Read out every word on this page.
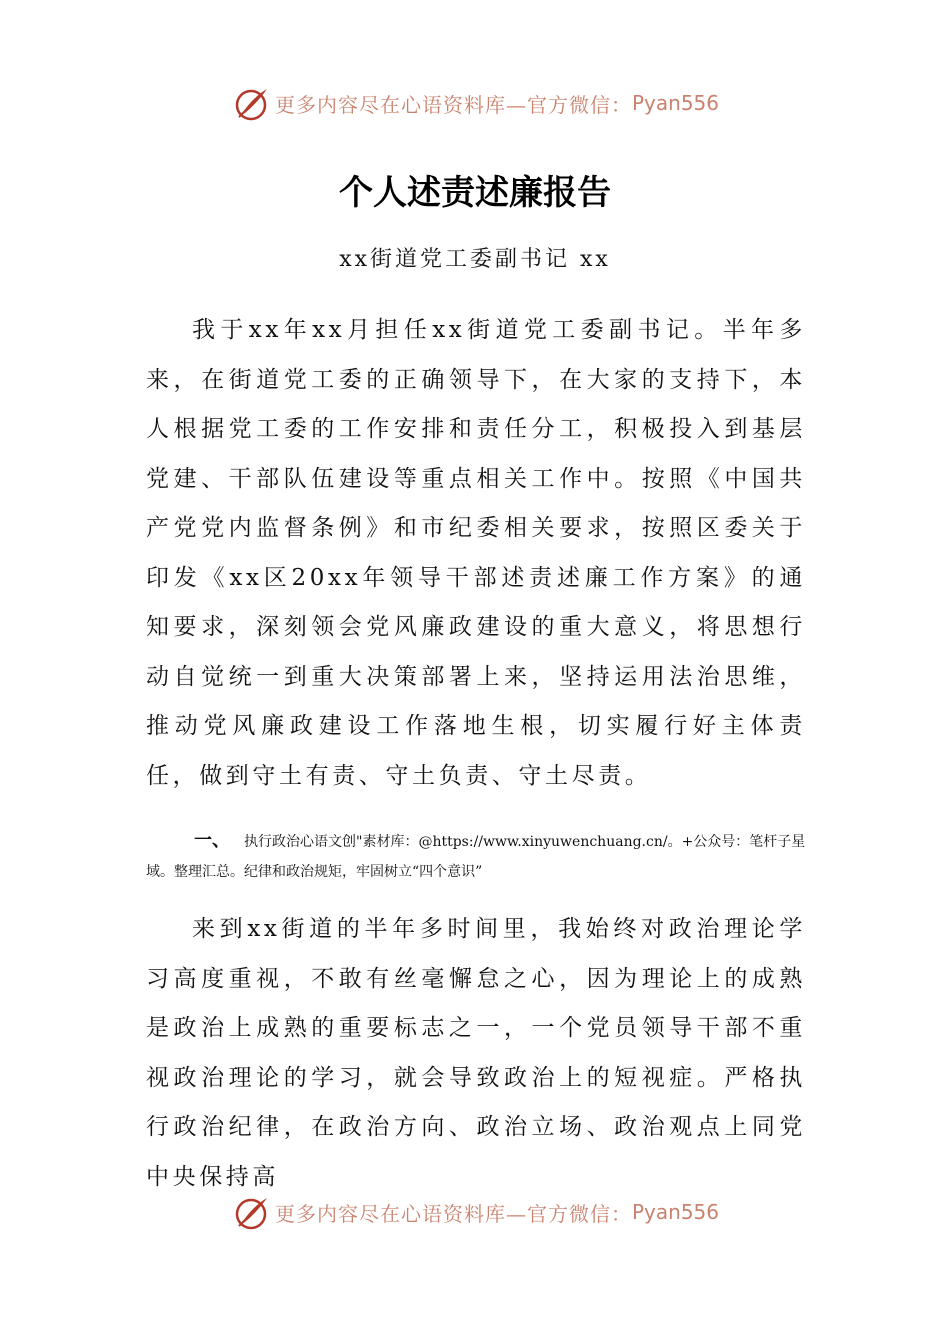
更多内容尽在心语资料库—官方微信： Pyan556
个人述责述廉报告

xx街道党工委副书记 xx

我于xx年xx月担任xx街道党工委副书记。半年多来，在街道党工委的正确领导下，在大家的支持下，本人根据党工委的工作安排和责任分工，积极投入到基层党建、干部队伍建设等重点相关工作中。按照《中国共产党党内监督条例》和市纪委相关要求，按照区委关于印发《xx区20xx年领导干部述责述廉工作方案》的通知要求，深刻领会党风廉政建设的重大意义，将思想行动自觉统一到重大决策部署上来，坚持运用法治思维，推动党风廉政建设工作落地生根，切实履行好主体责任，做到守土有责、守土负责、守土尽责。

一、 执行政治心语文创"素材库：@https://www.xinyuwenchuang.cn/。+公众号：笔杆子星域。整理汇总。纪律和政治规矩，牢固树立“四个意识”

来到xx街道的半年多时间里，我始终对政治理论学习高度重视，不敢有丝毫懈怠之心，因为理论上的成熟是政治上成熟的重要标志之一，一个党员领导干部不重视政治理论的学习，就会导致政治上的短视症。严格执行政治纪律，在政治方向、政治立场、政治观点上同党中央保持高

更多内容尽在心语资料库—官方微信： Pyan556
